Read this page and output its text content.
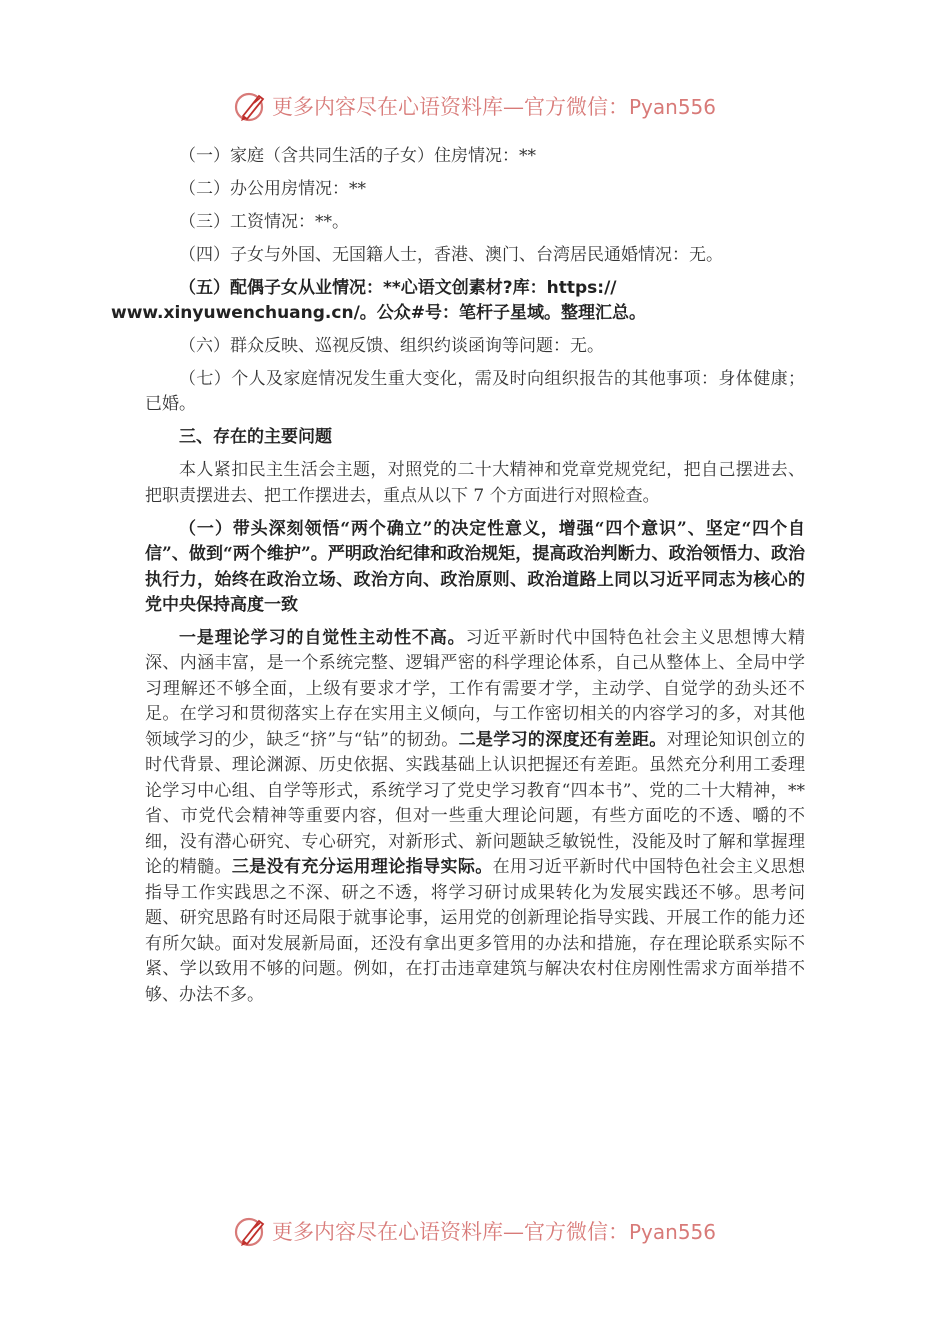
更多内容尽在心语资料库—官方微信：Pyan556

（一）家庭（含共同生活的子女）住房情况：**

（二）办公用房情况：**

（三）工资情况：**。

（四）子女与外国、无国籍人士，香港、澳门、台湾居民通婚情况：无。

（五）配偶子女从业情况：**心语文创素材?库：https://
www.xinyuwenchuang.cn/。公众#号：笔杆子星域。整理汇总。

（六）群众反映、巡视反馈、组织约谈函询等问题：无。

（七）个人及家庭情况发生重大变化，需及时向组织报告的其他事项：身体健康；已婚。

三、存在的主要问题

本人紧扣民主生活会主题，对照党的二十大精神和党章党规党纪，把自己摆进去、把职责摆进去、把工作摆进去，重点从以下 7 个方面进行对照检查。

（一）带头深刻领悟“两个确立”的决定性意义，增强“四个意识”、坚定“四个自信”、做到“两个维护”。严明政治纪律和政治规矩，提高政治判断力、政治领悟力、政治执行力，始终在政治立场、政治方向、政治原则、政治道路上同以习近平同志为核心的党中央保持高度一致

一是理论学习的自觉性主动性不高。习近平新时代中国特色社会主义思想博大精深、内涵丰富，是一个系统完整、逻辑严密的科学理论体系，自己从整体上、全局中学习理解还不够全面，上级有要求才学，工作有需要才学，主动学、自觉学的劲头还不足。在学习和贯彻落实上存在实用主义倾向，与工作密切相关的内容学习的多，对其他领域学习的少，缺乏“挤”与“钻”的韧劲。二是学习的深度还有差距。对理论知识创立的时代背景、理论渊源、历史依据、实践基础上认识把握还有差距。虽然充分利用工委理论学习中心组、自学等形式，系统学习了党史学习教育“四本书”、党的二十大精神，**省、市党代会精神等重要内容，但对一些重大理论问题，有些方面吃的不透、嚼的不细，没有潜心研究、专心研究，对新形式、新问题缺乏敏锐性，没能及时了解和掌握理论的精髓。三是没有充分运用理论指导实际。在用习近平新时代中国特色社会主义思想指导工作实践思之不深、研之不透，将学习研讨成果转化为发展实践还不够。思考问题、研究思路有时还局限于就事论事，运用党的创新理论指导实践、开展工作的能力还有所欠缺。面对发展新局面，还没有拿出更多管用的办法和措施，存在理论联系实际不紧、学以致用不够的问题。例如，在打击违章建筑与解决农村住房刚性需求方面举措不够、办法不多。

更多内容尽在心语资料库—官方微信：Pyan556
